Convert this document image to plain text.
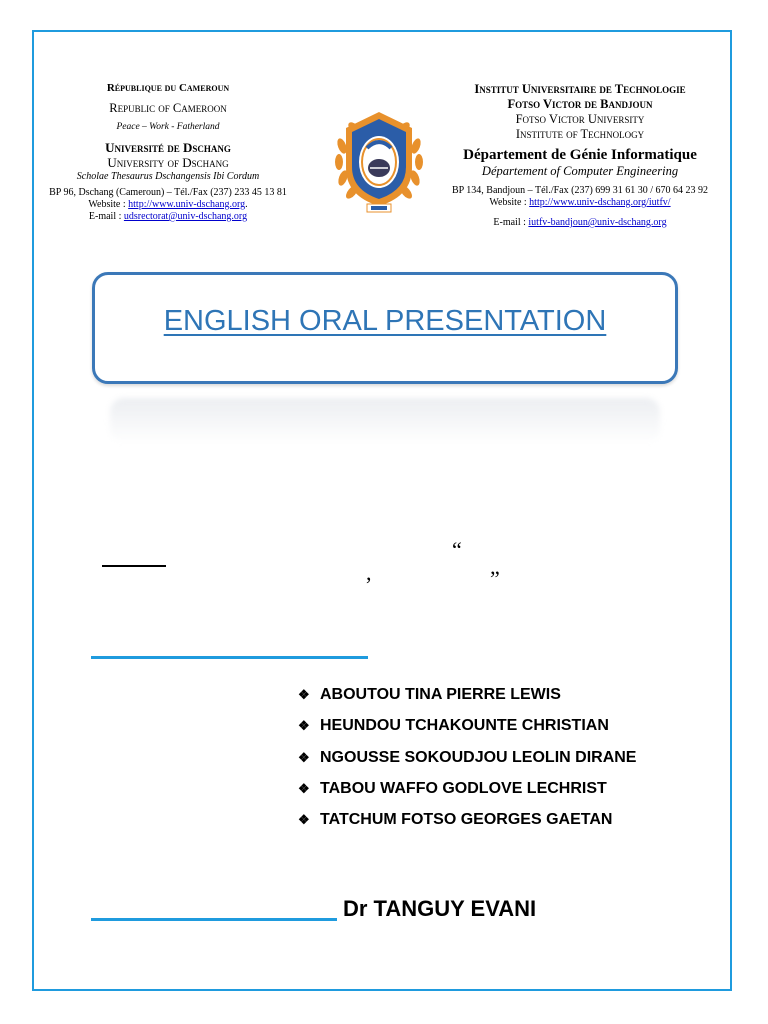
République du Cameroun
Republic of Cameroon
Peace – Work - Fatherland
Université de Dschang
University of Dschang
Scholae Thesaurus Dschangensis Ibi Cordum
BP 96, Dschang (Cameroun) – Tél./Fax (237) 233 45 13 81
Website : http://www.univ-dschang.org.
E-mail : udsrectorat@univ-dschang.org
Institut Universitaire de Technologie
Fotso Victor de Bandjoun
Fotso Victor University
Institute of Technology
Département de Génie Informatique
Département of Computer Engineering
BP 134, Bandjoun – Tél./Fax (237) 699 31 61 30 / 670 64 23 92
Website : http://www.univ-dschang.org/iutfv/
E-mail : iutfv-bandjoun@univ-dschang.org
ENGLISH ORAL PRESENTATION
“
,	”
❖ ABOUTOU TINA PIERRE LEWIS
❖ HEUNDOU TCHAKOUNTE CHRISTIAN
❖ NGOUSSE SOKOUDJOU LEOLIN DIRANE
❖ TABOU WAFFO GODLOVE LECHRIST
❖ TATCHUM FOTSO GEORGES GAETAN
Dr TANGUY EVANI
